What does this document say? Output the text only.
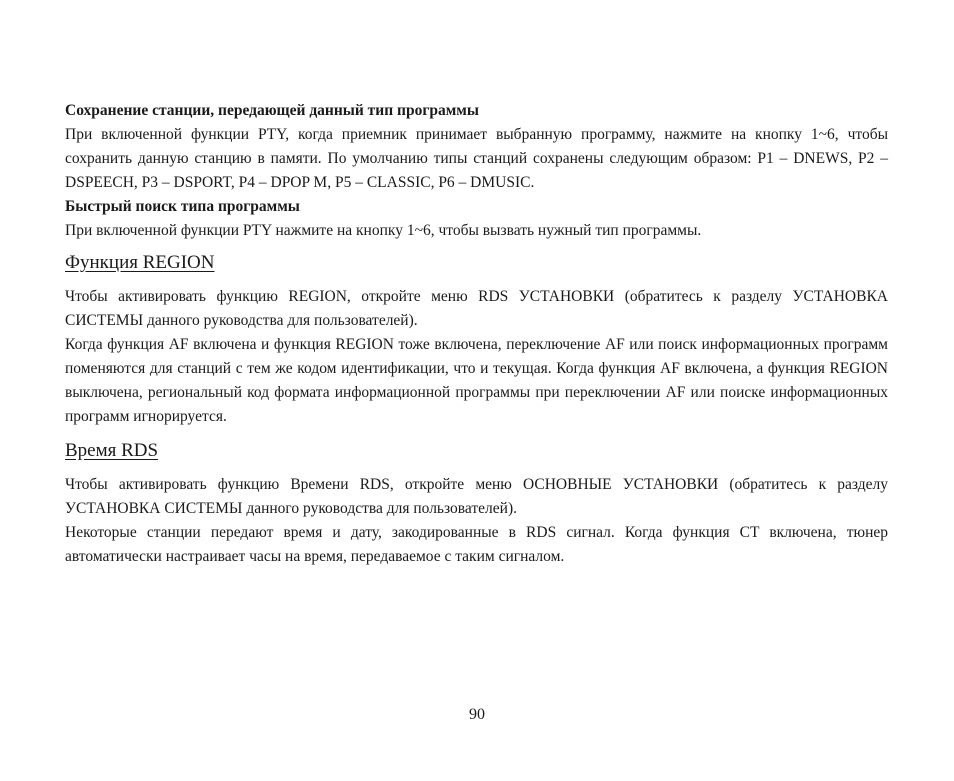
Сохранение станции, передающей данный тип программы

При включенной функции PTY, когда приемник принимает выбранную программу, нажмите на кнопку 1~6, чтобы сохранить данную станцию в памяти. По умолчанию типы станций сохранены следующим образом: P1 – DNEWS, P2 – DSPEECH, P3 – DSPORT, P4 – DPOP M, P5 – CLASSIC, P6 – DMUSIC.

Быстрый поиск типа программы

При включенной функции PTY нажмите на кнопку 1~6, чтобы вызвать нужный тип программы.

Функция REGION

Чтобы активировать функцию REGION, откройте меню RDS УСТАНОВКИ (обратитесь к разделу УСТАНОВКА СИСТЕМЫ данного руководства для пользователей).

Когда функция AF включена и функция REGION тоже включена, переключение AF или поиск информационных программ поменяются для станций с тем же кодом идентификации, что и текущая. Когда функция AF включена, а функция REGION выключена, региональный код формата информационной программы при переключении AF или поиске информационных программ игнорируется.

Время RDS

Чтобы активировать функцию Времени RDS, откройте меню ОСНОВНЫЕ УСТАНОВКИ (обратитесь к разделу УСТАНОВКА СИСТЕМЫ данного руководства для пользователей).

Некоторые станции передают время и дату, закодированные в RDS сигнал. Когда функция CT включена, тюнер автоматически настраивает часы на время, передаваемое с таким сигналом.

90
